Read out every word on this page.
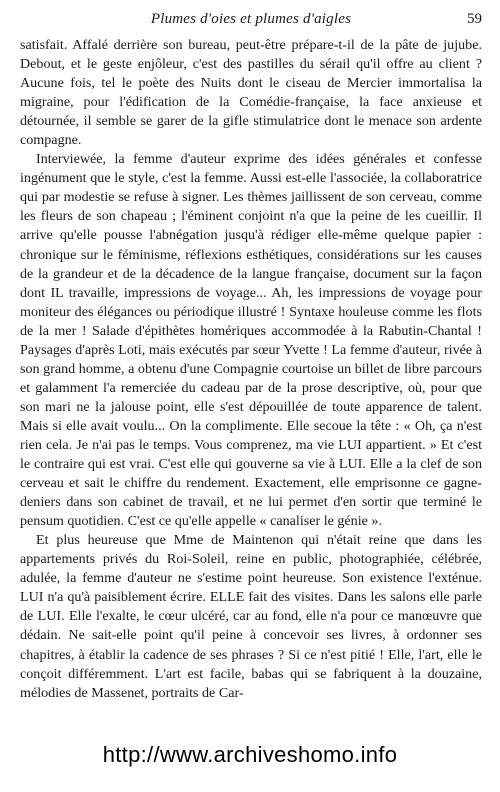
Plumes d'oies et plumes d'aigles	59

satisfait. Affalé derrière son bureau, peut-être prépare-t-il de la pâte de jujube. Debout, et le geste enjôleur, c'est des pastilles du sérail qu'il offre au client ? Aucune fois, tel le poète des Nuits dont le ciseau de Mercier immortalisa la migraine, pour l'édification de la Comédie-française, la face anxieuse et détournée, il semble se garer de la gifle stimulatrice dont le menace son ardente compagne.

Interviewée, la femme d'auteur exprime des idées générales et confesse ingénument que le style, c'est la femme. Aussi est-elle l'associée, la collaboratrice qui par modestie se refuse à signer. Les thèmes jaillissent de son cerveau, comme les fleurs de son chapeau ; l'éminent conjoint n'a que la peine de les cueillir. Il arrive qu'elle pousse l'abnégation jusqu'à rédiger elle-même quelque papier : chronique sur le féminisme, réflexions esthétiques, considérations sur les causes de la grandeur et de la décadence de la langue française, document sur la façon dont IL travaille, impressions de voyage... Ah, les impressions de voyage pour moniteur des élégances ou périodique illustré ! Syntaxe houleuse comme les flots de la mer ! Salade d'épithètes homériques accommodée à la Rabutin-Chantal ! Paysages d'après Loti, mais exécutés par sœur Yvette ! La femme d'auteur, rivée à son grand homme, a obtenu d'une Compagnie courtoise un billet de libre parcours et galamment l'a remerciée du cadeau par de la prose descriptive, où, pour que son mari ne la jalouse point, elle s'est dépouillée de toute apparence de talent. Mais si elle avait voulu... On la complimente. Elle secoue la tête : « Oh, ça n'est rien cela. Je n'ai pas le temps. Vous comprenez, ma vie LUI appartient. » Et c'est le contraire qui est vrai. C'est elle qui gouverne sa vie à LUI. Elle a la clef de son cerveau et sait le chiffre du rendement. Exactement, elle emprisonne ce gagne-deniers dans son cabinet de travail, et ne lui permet d'en sortir que terminé le pensum quotidien. C'est ce qu'elle appelle « canaliser le génie ».

Et plus heureuse que Mme de Maintenon qui n'était reine que dans les appartements privés du Roi-Soleil, reine en public, photographiée, célébrée, adulée, la femme d'auteur ne s'estime point heureuse. Son existence l'exténue. LUI n'a qu'à paisiblement écrire. ELLE fait des visites. Dans les salons elle parle de LUI. Elle l'exalte, le cœur ulcéré, car au fond, elle n'a pour ce manœuvre que dédain. Ne sait-elle point qu'il peine à concevoir ses livres, à ordonner ses chapitres, à établir la cadence de ses phrases ? Si ce n'est pitié ! Elle, l'art, elle le conçoit différemment. L'art est facile, babas qui se fabriquent à la douzaine, mélodies de Massenet, portraits de Car-

http://www.archiveshomo.info
